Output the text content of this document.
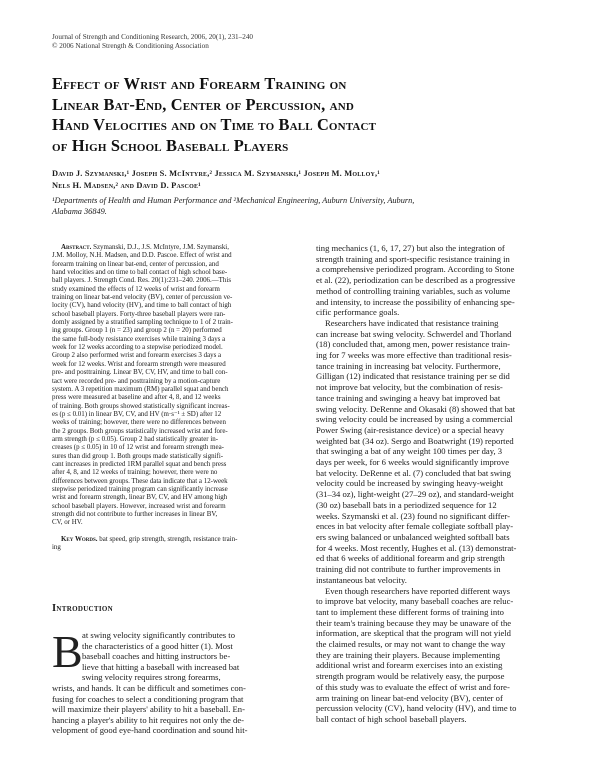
Journal of Strength and Conditioning Research, 2006, 20(1), 231–240
© 2006 National Strength & Conditioning Association
Effect of Wrist and Forearm Training on
Linear Bat-End, Center of Percussion, and
Hand Velocities and on Time to Ball Contact
of High School Baseball Players
David J. Szymanski,¹ Joseph S. McIntyre,² Jessica M. Szymanski,¹ Joseph M. Molloy,¹
Nels H. Madsen,² and David D. Pascoe¹
¹Departments of Health and Human Performance and ²Mechanical Engineering, Auburn University, Auburn,
Alabama 36849.
Abstract. Szymanski, D.J., J.S. McIntyre, J.M. Szymanski,
J.M. Molloy, N.H. Madsen, and D.D. Pascoe. Effect of wrist and
forearm training on linear bat-end, center of percussion, and
hand velocities and on time to ball contact of high school base-
ball players. J. Strength Cond. Res. 20(1):231–240. 2006.—This
study examined the effects of 12 weeks of wrist and forearm
training on linear bat-end velocity (BV), center of percussion ve-
locity (CV), hand velocity (HV), and time to ball contact of high
school baseball players. Forty-three baseball players were ran-
domly assigned by a stratified sampling technique to 1 of 2 train-
ing groups. Group 1 (n = 23) and group 2 (n = 20) performed
the same full-body resistance exercises while training 3 days a
week for 12 weeks according to a stepwise periodized model.
Group 2 also performed wrist and forearm exercises 3 days a
week for 12 weeks. Wrist and forearm strength were measured
pre- and posttraining. Linear BV, CV, HV, and time to ball con-
tact were recorded pre- and posttraining by a motion-capture
system. A 3 repetition maximum (RM) parallel squat and bench
press were measured at baseline and after 4, 8, and 12 weeks
of training. Both groups showed statistically significant increas-
es (p ≤ 0.01) in linear BV, CV, and HV (m·s⁻¹ ± SD) after 12
weeks of training; however, there were no differences between
the 2 groups. Both groups statistically increased wrist and fore-
arm strength (p ≤ 0.05). Group 2 had statistically greater in-
creases (p ≤ 0.05) in 10 of 12 wrist and forearm strength mea-
sures than did group 1. Both groups made statistically signifi-
cant increases in predicted 1RM parallel squat and bench press
after 4, 8, and 12 weeks of training; however, there were no
differences between groups. These data indicate that a 12-week
stepwise periodized training program can significantly increase
wrist and forearm strength, linear BV, CV, and HV among high
school baseball players. However, increased wrist and forearm
strength did not contribute to further increases in linear BV,
CV, or HV.
Key Words. bat speed, grip strength, strength, resistance train-
ing
Introduction
B at swing velocity significantly contributes to
the characteristics of a good hitter (1). Most
baseball coaches and hitting instructors be-
lieve that hitting a baseball with increased bat
swing velocity requires strong forearms,
wrists, and hands. It can be difficult and sometimes con-
fusing for coaches to select a conditioning program that
will maximize their players' ability to hit a baseball. En-
hancing a player's ability to hit requires not only the de-
velopment of good eye-hand coordination and sound hit-
ting mechanics (1, 6, 17, 27) but also the integration of
strength training and sport-specific resistance training in
a comprehensive periodized program. According to Stone
et al. (22), periodization can be described as a progressive
method of controlling training variables, such as volume
and intensity, to increase the possibility of enhancing spe-
cific performance goals.
Researchers have indicated that resistance training
can increase bat swing velocity. Schwerdel and Thorland
(18) concluded that, among men, power resistance train-
ing for 7 weeks was more effective than traditional resis-
tance training in increasing bat velocity. Furthermore,
Gilligan (12) indicated that resistance training per se did
not improve bat velocity, but the combination of resis-
tance training and swinging a heavy bat improved bat
swing velocity. DeRenne and Okasaki (8) showed that bat
swing velocity could be increased by using a commercial
Power Swing (air-resistance device) or a special heavy
weighted bat (34 oz). Sergo and Boatwright (19) reported
that swinging a bat of any weight 100 times per day, 3
days per week, for 6 weeks would significantly improve
bat velocity. DeRenne et al. (7) concluded that bat swing
velocity could be increased by swinging heavy-weight
(31–34 oz), light-weight (27–29 oz), and standard-weight
(30 oz) baseball bats in a periodized sequence for 12
weeks. Szymanski et al. (23) found no significant differ-
ences in bat velocity after female collegiate softball play-
ers swing balanced or unbalanced weighted softball bats
for 4 weeks. Most recently, Hughes et al. (13) demonstrat-
ed that 6 weeks of additional forearm and grip strength
training did not contribute to further improvements in
instantaneous bat velocity.
Even though researchers have reported different ways
to improve bat velocity, many baseball coaches are reluc-
tant to implement these different forms of training into
their team's training because they may be unaware of the
information, are skeptical that the program will not yield
the claimed results, or may not want to change the way
they are training their players. Because implementing
additional wrist and forearm exercises into an existing
strength program would be relatively easy, the purpose
of this study was to evaluate the effect of wrist and fore-
arm training on linear bat-end velocity (BV), center of
percussion velocity (CV), hand velocity (HV), and time to
ball contact of high school baseball players.
